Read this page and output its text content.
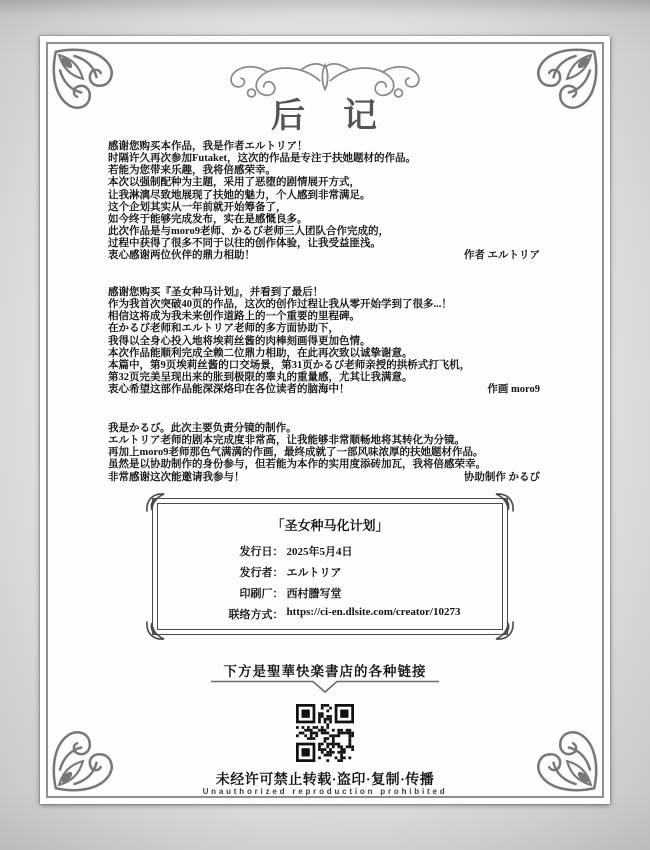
后　记
感谢您购买本作品，我是作者エルトリア！
时隔许久再次参加Futaket，这次的作品是专注于扶她题材的作品。
若能为您带来乐趣，我将倍感荣幸。
本次以强制配种为主题，采用了恶堕的剧情展开方式，
让我淋漓尽致地展现了扶她的魅力，个人感到非常满足。
这个企划其实从一年前就开始筹备了，
如今终于能够完成发布，实在是感慨良多。
此次作品是与moro9老师、かるび老师三人团队合作完成的，
过程中获得了很多不同于以往的创作体验，让我受益匪浅。
衷心感谢两位伙伴的鼎力相助！	作者 エルトリア
感谢您购买『圣女种马计划』，并看到了最后！
作为我首次突破40页的作品，这次的创作过程让我从零开始学到了很多...！
相信这将成为我未来创作道路上的一个重要的里程碑。
在かるび老师和エルトリア老师的多方面协助下，
我得以全身心投入地将埃莉丝酱的肉棒刻画得更加色情。
本次作品能顺利完成全赖二位鼎力相助，在此再次致以诚挚谢意。
本篇中，第9页埃莉丝酱的口交场景，第31页かるび老师亲授的拱桥式打飞机，
第32页完美呈现出来的胀到极限的睾丸的重量感，尤其让我满意。
衷心希望这部作品能深深烙印在各位读者的脑海中！	作画 moro9
我是かるび。此次主要负责分镜的制作。
エルトリア老师的剧本完成度非常高，让我能够非常顺畅地将其转化为分镜。
再加上moro9老师那色气满满的作画，最终成就了一部风味浓厚的扶她题材作品。
虽然是以协助制作的身份参与，但若能为本作的实用度添砖加瓦，我将倍感荣幸。
非常感谢这次能邀请我参与！	协助制作 かるび
「圣女种马化计划」
发行日： 2025年5月4日
发行者： エルトリア
印刷厂： 西村謄写堂
联络方式： https://ci-en.dlsite.com/creator/10273
下方是聖華快楽書店的各种链接
未经许可禁止转载·盗印·复制·传播
Unauthorized reproduction prohibited
